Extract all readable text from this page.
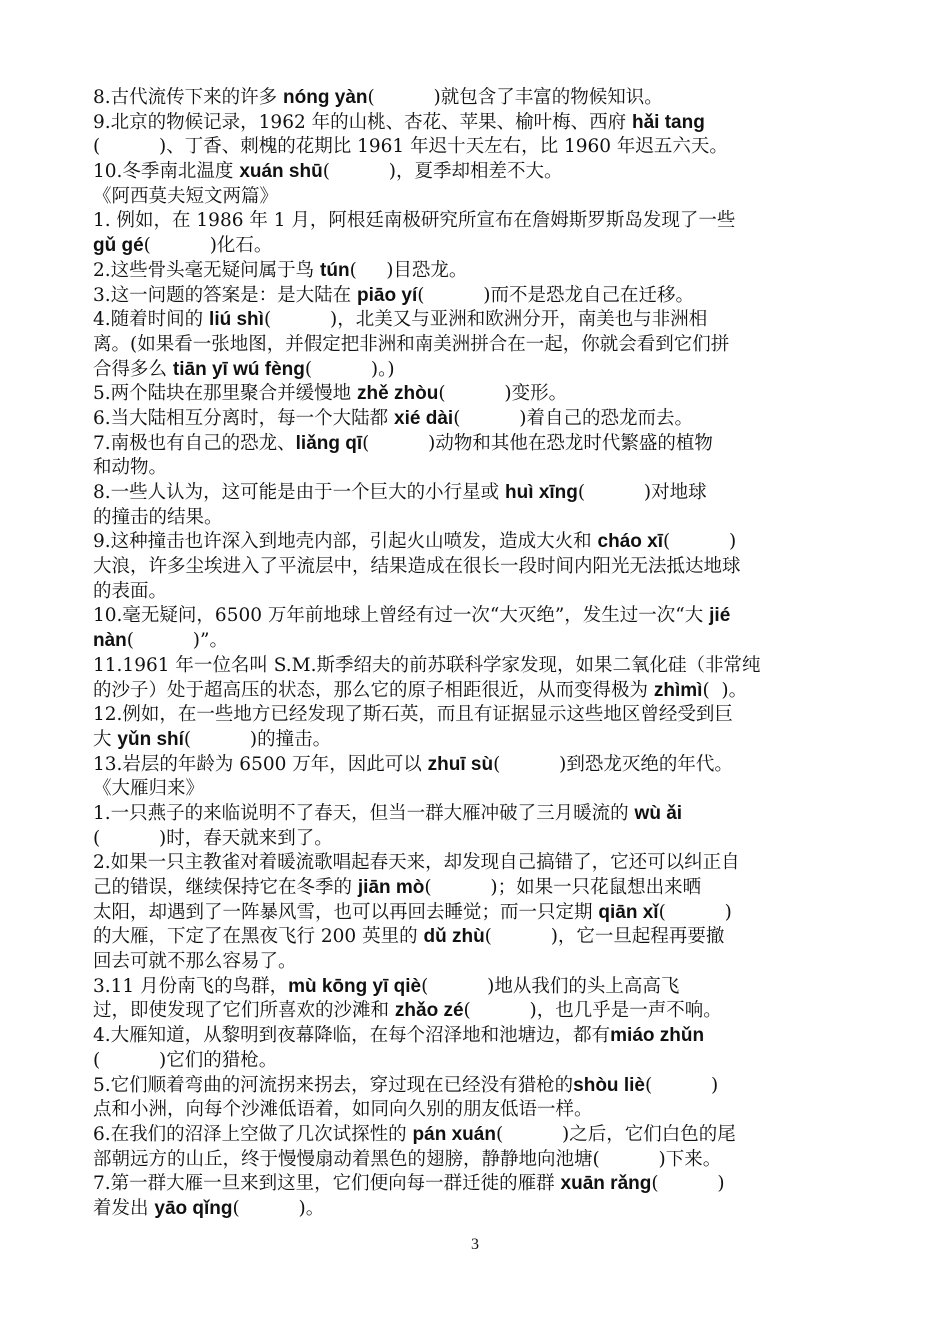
8.古代流传下来的许多 nóng yàn(          )就包含了丰富的物候知识。
9.北京的物候记录，1962 年的山桃、杏花、苹果、榆叶梅、西府 hǎi tang
(          )、丁香、刺槐的花期比 1961 年迟十天左右，比 1960 年迟五六天。
10.冬季南北温度 xuán shū(          )，夏季却相差不大。
《阿西莫夫短文两篇》
1. 例如，在 1986 年 1 月，阿根廷南极研究所宣布在詹姆斯罗斯岛发现了一些
gǔ gé(          )化石。
2.这些骨头毫无疑问属于鸟 tún(     )目恐龙。
3.这一问题的答案是：是大陆在 piāo yí(          )而不是恐龙自己在迁移。
4.随着时间的 liú shì(          )，北美又与亚洲和欧洲分开，南美也与非洲相
离。(如果看一张地图，并假定把非洲和南美洲拼合在一起，你就会看到它们拼
合得多么 tiān yī wú fèng(          )。)
5.两个陆块在那里聚合并缓慢地 zhě zhòu(          )变形。
6.当大陆相互分离时，每一个大陆都 xié dài(          )着自己的恐龙而去。
7.南极也有自己的恐龙、liǎng qī(          )动物和其他在恐龙时代繁盛的植物
和动物。
8.一些人认为，这可能是由于一个巨大的小行星或 huì xīng(          )对地球
的撞击的结果。
9.这种撞击也许深入到地壳内部，引起火山喷发，造成大火和 cháo xī(          )
大浪，许多尘埃进入了平流层中，结果造成在很长一段时间内阳光无法抵达地球
的表面。
10.毫无疑问，6500 万年前地球上曾经有过一次“大灭绝”，发生过一次“大 jié
nàn(          )”。
11.1961 年一位名叫 S.M.斯季绍夫的前苏联科学家发现，如果二氧化硅（非常纯
的沙子）处于超高压的状态，那么它的原子相距很近，从而变得极为 zhìmì(  )。
12.例如，在一些地方已经发现了斯石英，而且有证据显示这些地区曾经受到巨
大 yǔn shí(          )的撞击。
13.岩层的年龄为 6500 万年，因此可以 zhuī sù(          )到恐龙灭绝的年代。
《大雁归来》
1.一只燕子的来临说明不了春天，但当一群大雁冲破了三月暖流的 wù ǎi
(          )时，春天就来到了。
2.如果一只主教雀对着暖流歌唱起春天来，却发现自己搞错了，它还可以纠正自
己的错误，继续保持它在冬季的 jiān mò(          )；如果一只花鼠想出来晒
太阳，却遇到了一阵暴风雪，也可以再回去睡觉；而一只定期 qiān xǐ(          )
的大雁，下定了在黑夜飞行 200 英里的 dǔ zhù(          )，它一旦起程再要撤
回去可就不那么容易了。
3.11 月份南飞的鸟群，mù kōng yī qiè(          )地从我们的头上高高飞
过，即使发现了它们所喜欢的沙滩和 zhǎo zé(          )，也几乎是一声不响。
4.大雁知道，从黎明到夜幕降临，在每个沼泽地和池塘边，都有miáo zhǔn
(          )它们的猎枪。
5.它们顺着弯曲的河流拐来拐去，穿过现在已经没有猎枪的shòu liè(          )
点和小洲，向每个沙滩低语着，如同向久别的朋友低语一样。
6.在我们的沼泽上空做了几次试探性的 pán xuán(          )之后，它们白色的尾
部朝远方的山丘，终于慢慢扇动着黑色的翅膀，静静地向池塘(          )下来。
7.第一群大雁一旦来到这里，它们便向每一群迁徙的雁群 xuān rǎng(          )
着发出 yāo qǐng(          )。
3
